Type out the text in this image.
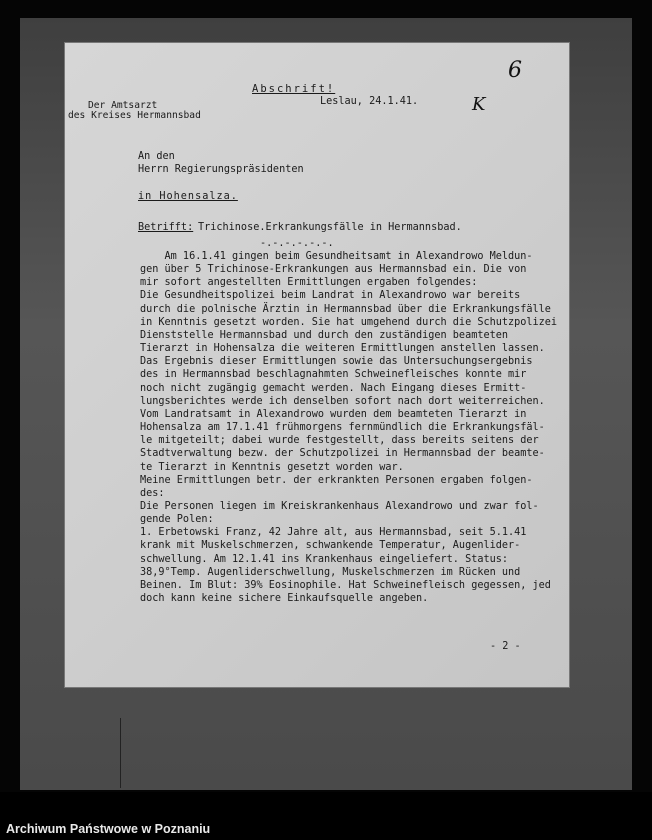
Abschrift!
Der Amtsarzt
des Kreises Hermannsbad
Leslau, 24.1.41.
6
K
An den
Herrn Regierungspräsidenten
in Hohensalza.
Betrifft: Trichinose.Erkrankungsfälle in Hermannsbad.
-.-.-.-.-.-.
Am 16.1.41 gingen beim Gesundheitsamt in Alexandrowo Meldun-
gen über 5 Trichinose-Erkrankungen aus Hermannsbad ein. Die von
mir sofort angestellten Ermittlungen ergaben folgendes:
Die Gesundheitspolizei beim Landrat in Alexandrowo war bereits
durch die polnische Ärztin in Hermannsbad über die Erkrankungsfälle
in Kenntnis gesetzt worden. Sie hat umgehend durch die Schutzpolizei
Dienststelle Hermannsbad und durch den zuständigen beamteten
Tierarzt in Hohensalza die weiteren Ermittlungen anstellen lassen.
Das Ergebnis dieser Ermittlungen sowie das Untersuchungsergebnis
des in Hermannsbad beschlagnahmten Schweinefleisches konnte mir
noch nicht zugängig gemacht werden. Nach Eingang dieses Ermitt-
lungsberichtes werde ich denselben sofort nach dort weiterreichen.
Vom Landratsamt in Alexandrowo wurden dem beamteten Tierarzt in
Hohensalza am 17.1.41 frühmorgens fernmündlich die Erkrankungsfäl-
le mitgeteilt; dabei wurde festgestellt, dass bereits seitens der
Stadtverwaltung bezw. der Schutzpolizei in Hermannsbad der beamte-
te Tierarzt in Kenntnis gesetzt worden war.
Meine Ermittlungen betr. der erkrankten Personen ergaben folgen-
des:
Die Personen liegen im Kreiskrankenhaus Alexandrowo und zwar fol-
gende Polen:
1. Erbetowski Franz, 42 Jahre alt, aus Hermannsbad, seit 5.1.41
krank mit Muskelschmerzen, schwankende Temperatur, Augenlider-
schwellung. Am 12.1.41 ins Krankenhaus eingeliefert. Status:
38,9°Temp. Augenliderschwellung, Muskelschmerzen im Rücken und
Beinen. Im Blut: 39% Eosinophile. Hat Schweinefleisch gegessen, jed
doch kann keine sichere Einkaufsquelle angeben.
- 2 -
Archiwum Państwowe w Poznaniu
